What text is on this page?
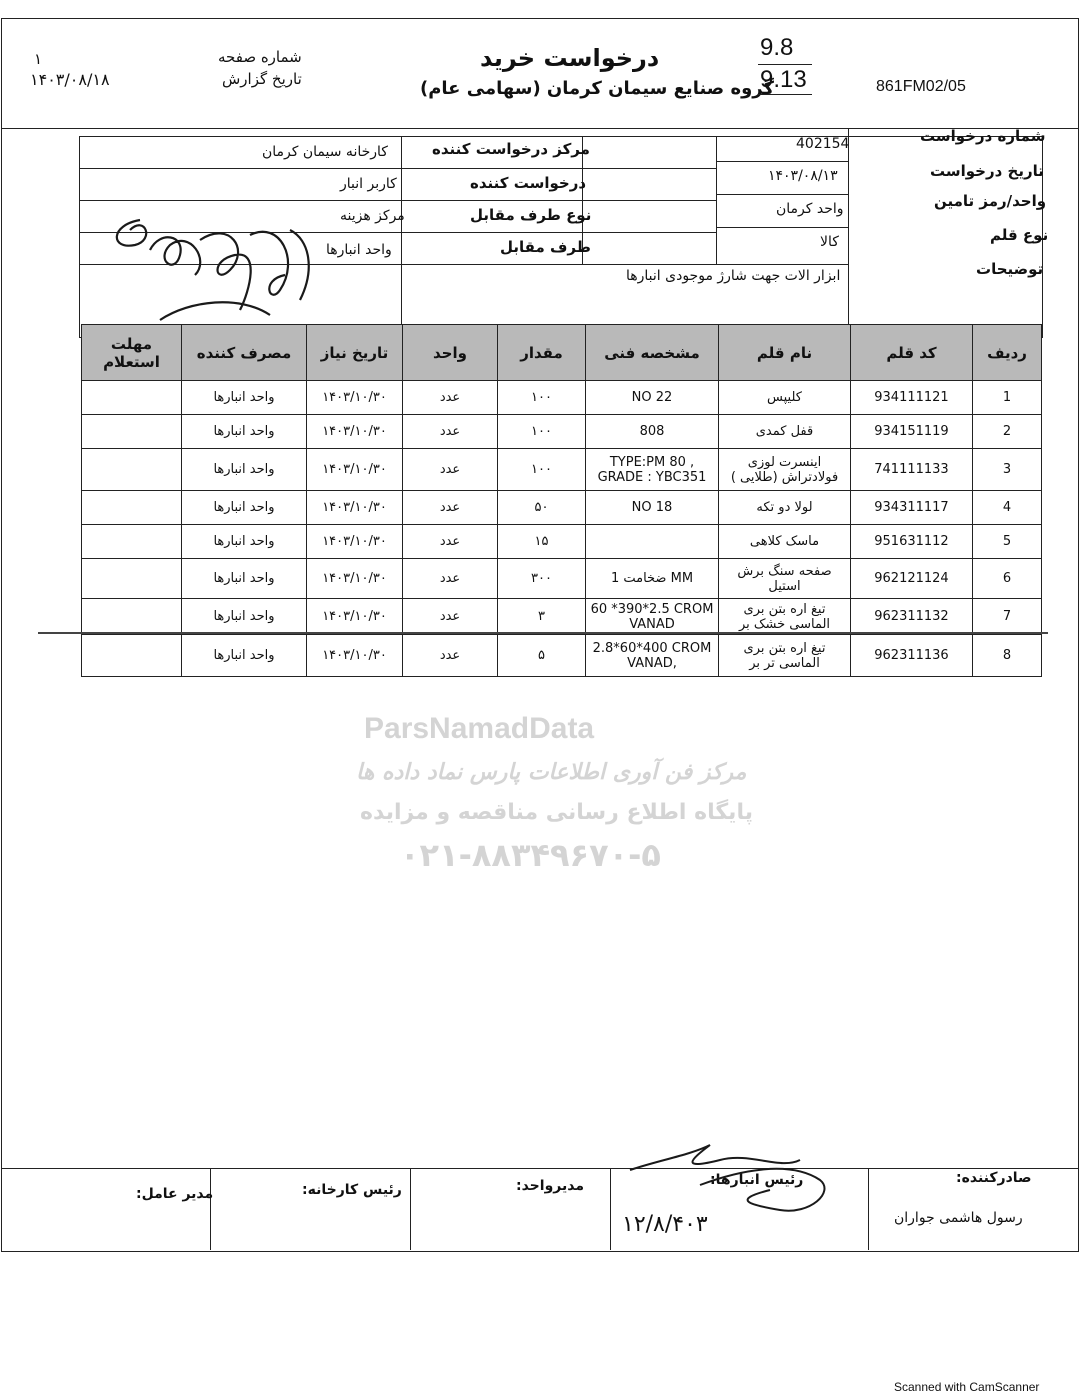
درخواست خرید
گروه صنایع سیمان کرمان (سهامی عام)
شماره صفحه
تاریخ گزارش
۱
۱۴۰۳/۰۸/۱۸
9.8
9.13	861FM02/05
شماره درخواست
402154
تاریخ درخواست
۱۴۰۳/۰۸/۱۳
واحد/رمز تامین
واحد کرمان
نوع قلم
کالا
توضیحات
ابزار الات جهت شارژ موجودی انبارها
مرکز درخواست کننده
کارخانه سیمان کرمان
درخواست کننده
کاربر انبار
نوع طرف مقابل
مرکز هزینه
طرف مقابل
واحد انبارها
مهلت استعلام	مصرف کننده	تاریخ نیاز	واحد	مقدار	مشخصه فنی	نام قلم	کد قلم	ردیف
	واحد انبارها	۱۴۰۳/۱۰/۳۰	عدد	۱۰۰	NO 22	کلیپس	934111121	1
	واحد انبارها	۱۴۰۳/۱۰/۳۰	عدد	۱۰۰	808	قفل کمدی	934151119	2
	واحد انبارها	۱۴۰۳/۱۰/۳۰	عدد	۱۰۰	TYPE:PM 80 , GRADE : YBC351	اینسرت لوزی فولادتراش (طلایی )	741111133	3
	واحد انبارها	۱۴۰۳/۱۰/۳۰	عدد	۵۰	NO 18	لولا دو تکه	934311117	4
	واحد انبارها	۱۴۰۳/۱۰/۳۰	عدد	۱۵		ماسک کلاهی	951631112	5
	واحد انبارها	۱۴۰۳/۱۰/۳۰	عدد	۳۰۰	ضخامت 1 MM	صفحه سنگ برش استیل	962121124	6
	واحد انبارها	۱۴۰۳/۱۰/۳۰	عدد	۳	60 *390*2.5 CROM VANAD	تیغ اره بتن بری الماسی خشک بر	962311132	7
	واحد انبارها	۱۴۰۳/۱۰/۳۰	عدد	۵	2.8*60*400 CROM VANAD,	تیغ اره بتن بری الماسی تر بر	962311136	8
ParsNamadData
مرکز فن آوری اطلاعات پارس نماد داده ها
پایگاه اطلاع رسانی مناقصه و مزایده
۰۲۱-۸۸۳۴۹۶۷۰-۵
صادرکننده:
رسول هاشمی جواران
رئیس انبارها:
مدیرواحد:
رئیس کارخانه:
مدیر عامل:
۱۲/۸/۴۰۳
Scanned with CamScanner
